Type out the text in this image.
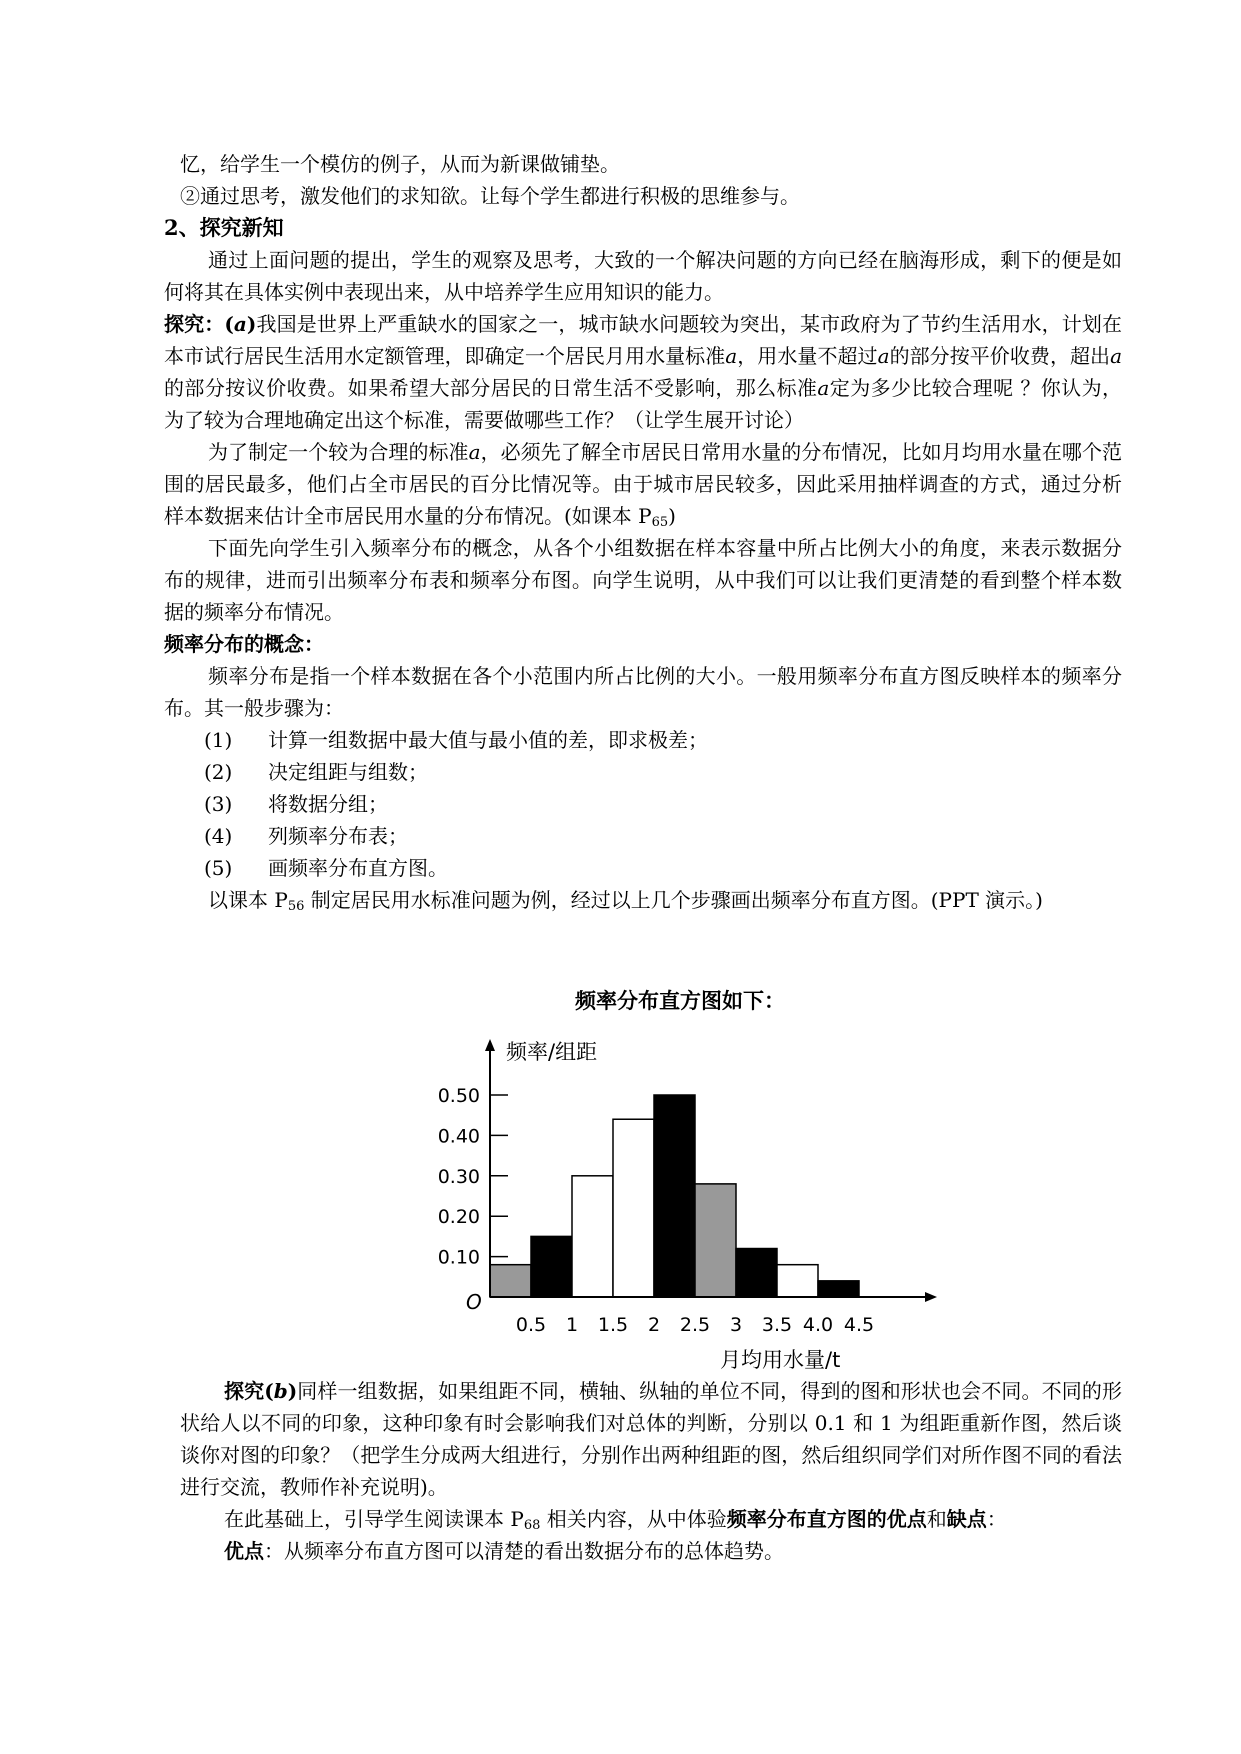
忆，给学生一个模仿的例子，从而为新课做铺垫。

②通过思考，激发他们的求知欲。让每个学生都进行积极的思维参与。

2、探究新知

通过上面问题的提出，学生的观察及思考，大致的一个解决问题的方向已经在脑海形成，剩下的便是如何将其在具体实例中表现出来，从中培养学生应用知识的能力。

探究：(a)我国是世界上严重缺水的国家之一，城市缺水问题较为突出，某市政府为了节约生活用水，计划在本市试行居民生活用水定额管理，即确定一个居民月用水量标准a，用水量不超过a的部分按平价收费，超出a的部分按议价收费。如果希望大部分居民的日常生活不受影响，那么标准a定为多少比较合理呢 ？你认为，为了较为合理地确定出这个标准，需要做哪些工作？（让学生展开讨论）

为了制定一个较为合理的标准a，必须先了解全市居民日常用水量的分布情况，比如月均用水量在哪个范围的居民最多，他们占全市居民的百分比情况等。由于城市居民较多，因此采用抽样调查的方式，通过分析样本数据来估计全市居民用水量的分布情况。(如课本 $P_{65}$)

下面先向学生引入频率分布的概念，从各个小组数据在样本容量中所占比例大小的角度，来表示数据分布的规律，进而引出频率分布表和频率分布图。向学生说明，从中我们可以让我们更清楚的看到整个样本数据的频率分布情况。

频率分布的概念：

频率分布是指一个样本数据在各个小范围内所占比例的大小。一般用频率分布直方图反映样本的频率分布。其一般步骤为：

(1) 计算一组数据中最大值与最小值的差，即求极差；

(2) 决定组距与组数；

(3) 将数据分组；

(4) 列频率分布表；

(5) 画频率分布直方图。

以课本 $P_{56}$ 制定居民用水标准问题为例，经过以上几个步骤画出频率分布直方图。(PPT 演示。)

频率分布直方图如下：
0.10
0.20
0.30
0.40
0.50
0.5 1 1.5 2 2.5 3 3.5 4.0 4.5
O
频率/组距
月均用水量/t

探究(b)同样一组数据，如果组距不同，横轴、纵轴的单位不同，得到的图和形状也会不同。不同的形状给人以不同的印象，这种印象有时会影响我们对总体的判断，分别以 0.1 和 1 为组距重新作图，然后谈谈你对图的印象？（把学生分成两大组进行，分别作出两种组距的图，然后组织同学们对所作图不同的看法进行交流，教师作补充说明)。

在此基础上，引导学生阅读课本 $P_{68}$ 相关内容，从中体验频率分布直方图的优点和缺点：

优点：从频率分布直方图可以清楚的看出数据分布的总体趋势。
